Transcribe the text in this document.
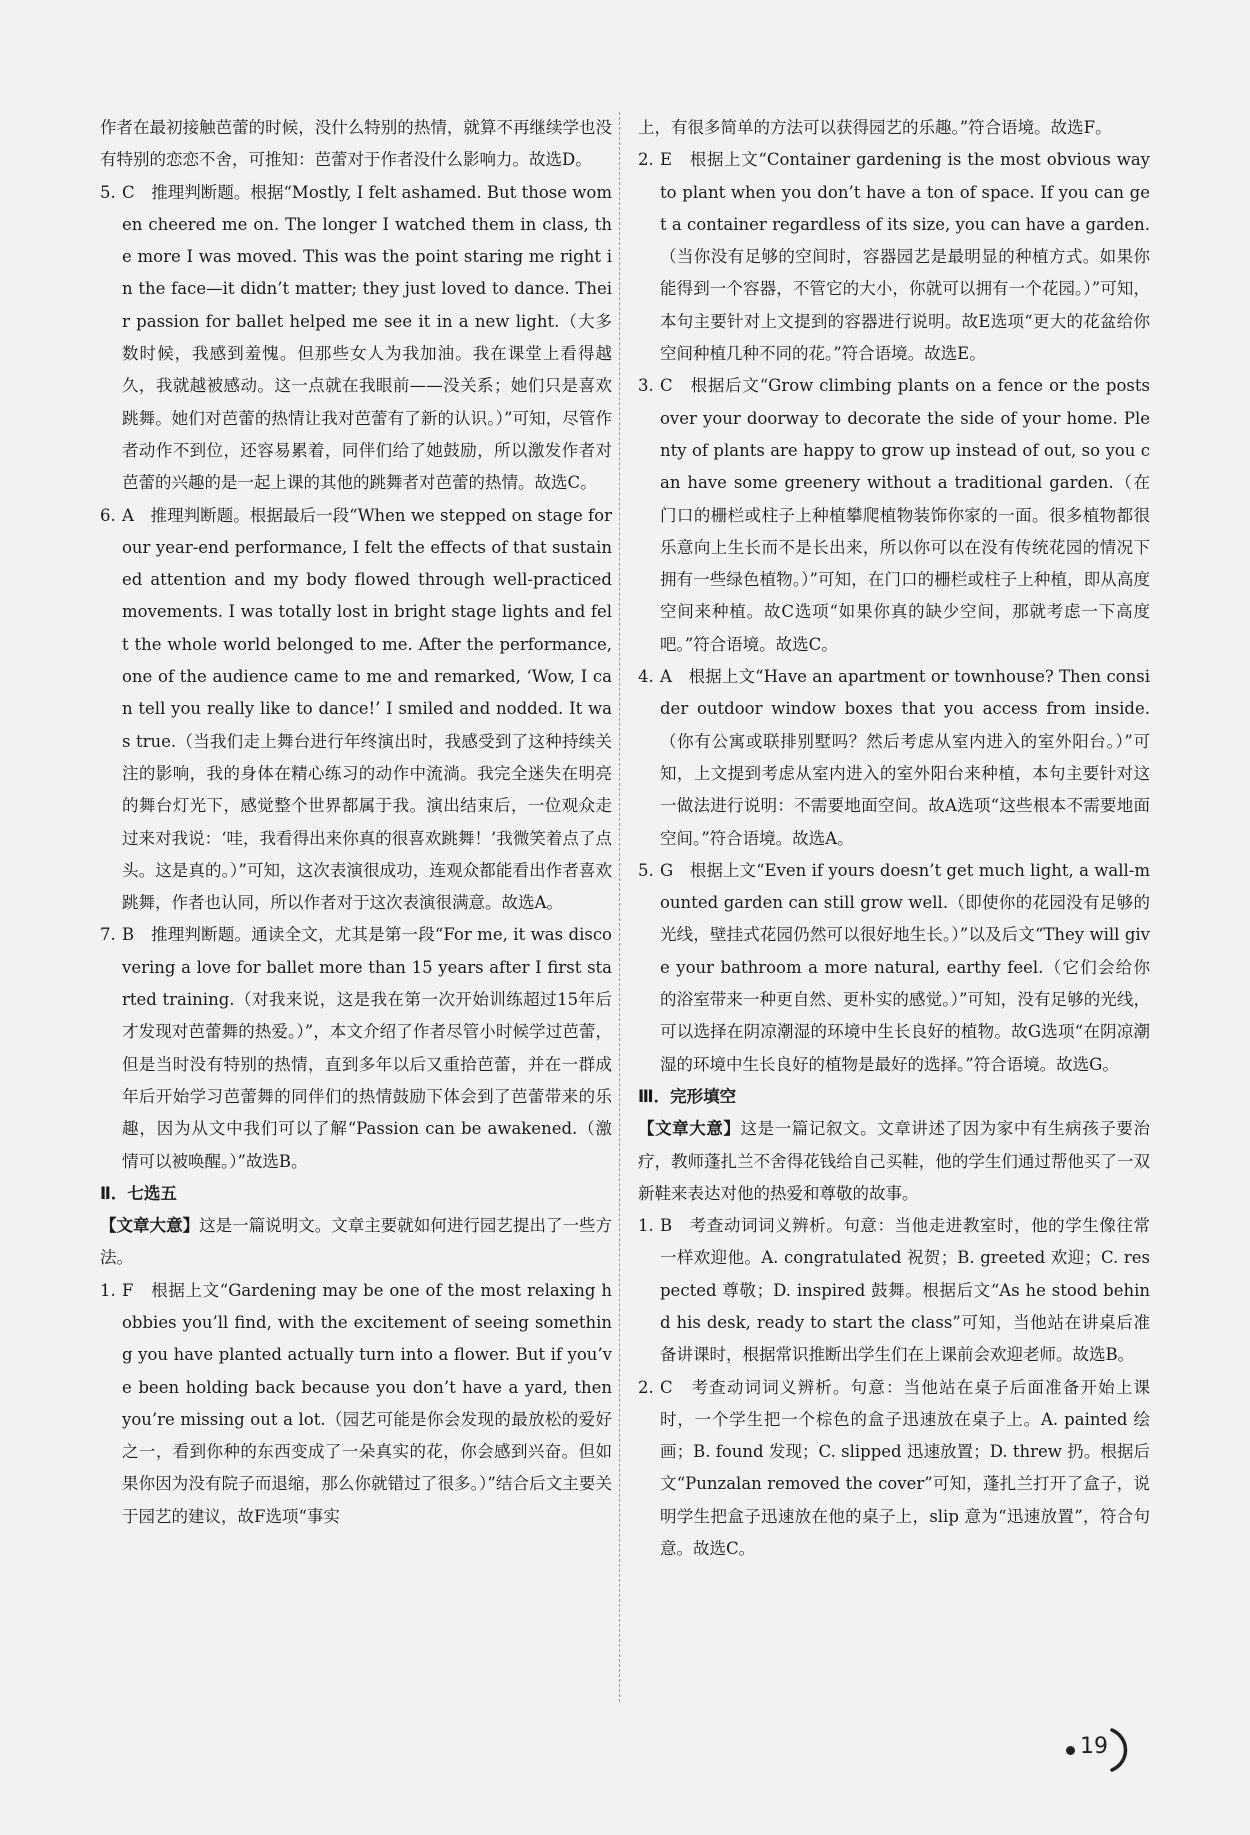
作者在最初接触芭蕾的时候，没什么特别的热情，就算不再继续学也没有特别的恋恋不舍，可推知：芭蕾对于作者没什么影响力。故选D。

5. C　推理判断题。根据“Mostly, I felt ashamed. But those women cheered me on. The longer I watched them in class, the more I was moved. This was the point staring me right in the face—it didn’t matter; they just loved to dance. Their passion for ballet helped me see it in a new light.（大多数时候，我感到羞愧。但那些女人为我加油。我在课堂上看得越久，我就越被感动。这一点就在我眼前——没关系；她们只是喜欢跳舞。她们对芭蕾的热情让我对芭蕾有了新的认识。）”可知，尽管作者动作不到位，还容易累着，同伴们给了她鼓励，所以激发作者对芭蕾的兴趣的是一起上课的其他的跳舞者对芭蕾的热情。故选C。

6. A　推理判断题。根据最后一段“When we stepped on stage for our year-end performance, I felt the effects of that sustained attention and my body flowed through well-practiced movements. I was totally lost in bright stage lights and felt the whole world belonged to me. After the performance, one of the audience came to me and remarked, ‘Wow, I can tell you really like to dance!’ I smiled and nodded. It was true.（当我们走上舞台进行年终演出时，我感受到了这种持续关注的影响，我的身体在精心练习的动作中流淌。我完全迷失在明亮的舞台灯光下，感觉整个世界都属于我。演出结束后，一位观众走过来对我说：‘哇，我看得出来你真的很喜欢跳舞！’我微笑着点了点头。这是真的。）”可知，这次表演很成功，连观众都能看出作者喜欢跳舞，作者也认同，所以作者对于这次表演很满意。故选A。

7. B　推理判断题。通读全文，尤其是第一段“For me, it was discovering a love for ballet more than 15 years after I first started training.（对我来说，这是我在第一次开始训练超过15年后才发现对芭蕾舞的热爱。）”，本文介绍了作者尽管小时候学过芭蕾，但是当时没有特别的热情，直到多年以后又重拾芭蕾，并在一群成年后开始学习芭蕾舞的同伴们的热情鼓励下体会到了芭蕾带来的乐趣，因为从文中我们可以了解“Passion can be awakened.（激情可以被唤醒。）”故选B。

Ⅱ．七选五

【文章大意】这是一篇说明文。文章主要就如何进行园艺提出了一些方法。

1. F　根据上文“Gardening may be one of the most relaxing hobbies you’ll find, with the excitement of seeing something you have planted actually turn into a flower. But if you’ve been holding back because you don’t have a yard, then you’re missing out a lot.（园艺可能是你会发现的最放松的爱好之一，看到你种的东西变成了一朵真实的花，你会感到兴奋。但如果你因为没有院子而退缩，那么你就错过了很多。）”结合后文主要关于园艺的建议，故F选项“事实

上，有很多简单的方法可以获得园艺的乐趣。”符合语境。故选F。

2. E　根据上文“Container gardening is the most obvious way to plant when you don’t have a ton of space. If you can get a container regardless of its size, you can have a garden.（当你没有足够的空间时，容器园艺是最明显的种植方式。如果你能得到一个容器，不管它的大小，你就可以拥有一个花园。）”可知，本句主要针对上文提到的容器进行说明。故E选项“更大的花盆给你空间种植几种不同的花。”符合语境。故选E。

3. C　根据后文“Grow climbing plants on a fence or the posts over your doorway to decorate the side of your home. Plenty of plants are happy to grow up instead of out, so you can have some greenery without a traditional garden.（在门口的栅栏或柱子上种植攀爬植物装饰你家的一面。很多植物都很乐意向上生长而不是长出来，所以你可以在没有传统花园的情况下拥有一些绿色植物。）”可知，在门口的栅栏或柱子上种植，即从高度空间来种植。故C选项“如果你真的缺少空间，那就考虑一下高度吧。”符合语境。故选C。

4. A　根据上文“Have an apartment or townhouse? Then consider outdoor window boxes that you access from inside.（你有公寓或联排别墅吗？然后考虑从室内进入的室外阳台。）”可知，上文提到考虑从室内进入的室外阳台来种植，本句主要针对这一做法进行说明：不需要地面空间。故A选项“这些根本不需要地面空间。”符合语境。故选A。

5. G　根据上文“Even if yours doesn’t get much light, a wall-mounted garden can still grow well.（即使你的花园没有足够的光线，壁挂式花园仍然可以很好地生长。）”以及后文“They will give your bathroom a more natural, earthy feel.（它们会给你的浴室带来一种更自然、更朴实的感觉。）”可知，没有足够的光线，可以选择在阴凉潮湿的环境中生长良好的植物。故G选项“在阴凉潮湿的环境中生长良好的植物是最好的选择。”符合语境。故选G。

Ⅲ．完形填空

【文章大意】这是一篇记叙文。文章讲述了因为家中有生病孩子要治疗，教师蓬扎兰不舍得花钱给自己买鞋，他的学生们通过帮他买了一双新鞋来表达对他的热爱和尊敬的故事。

1. B　考查动词词义辨析。句意：当他走进教室时，他的学生像往常一样欢迎他。A. congratulated 祝贺；B. greeted 欢迎；C. respected 尊敬；D. inspired 鼓舞。根据后文“As he stood behind his desk, ready to start the class”可知，当他站在讲桌后准备讲课时，根据常识推断出学生们在上课前会欢迎老师。故选B。

2. C　考查动词词义辨析。句意：当他站在桌子后面准备开始上课时，一个学生把一个棕色的盒子迅速放在桌子上。A. painted 绘画；B. found 发现；C. slipped 迅速放置；D. threw 扔。根据后文“Punzalan removed the cover”可知，蓬扎兰打开了盒子，说明学生把盒子迅速放在他的桌子上，slip 意为“迅速放置”，符合句意。故选C。

19
